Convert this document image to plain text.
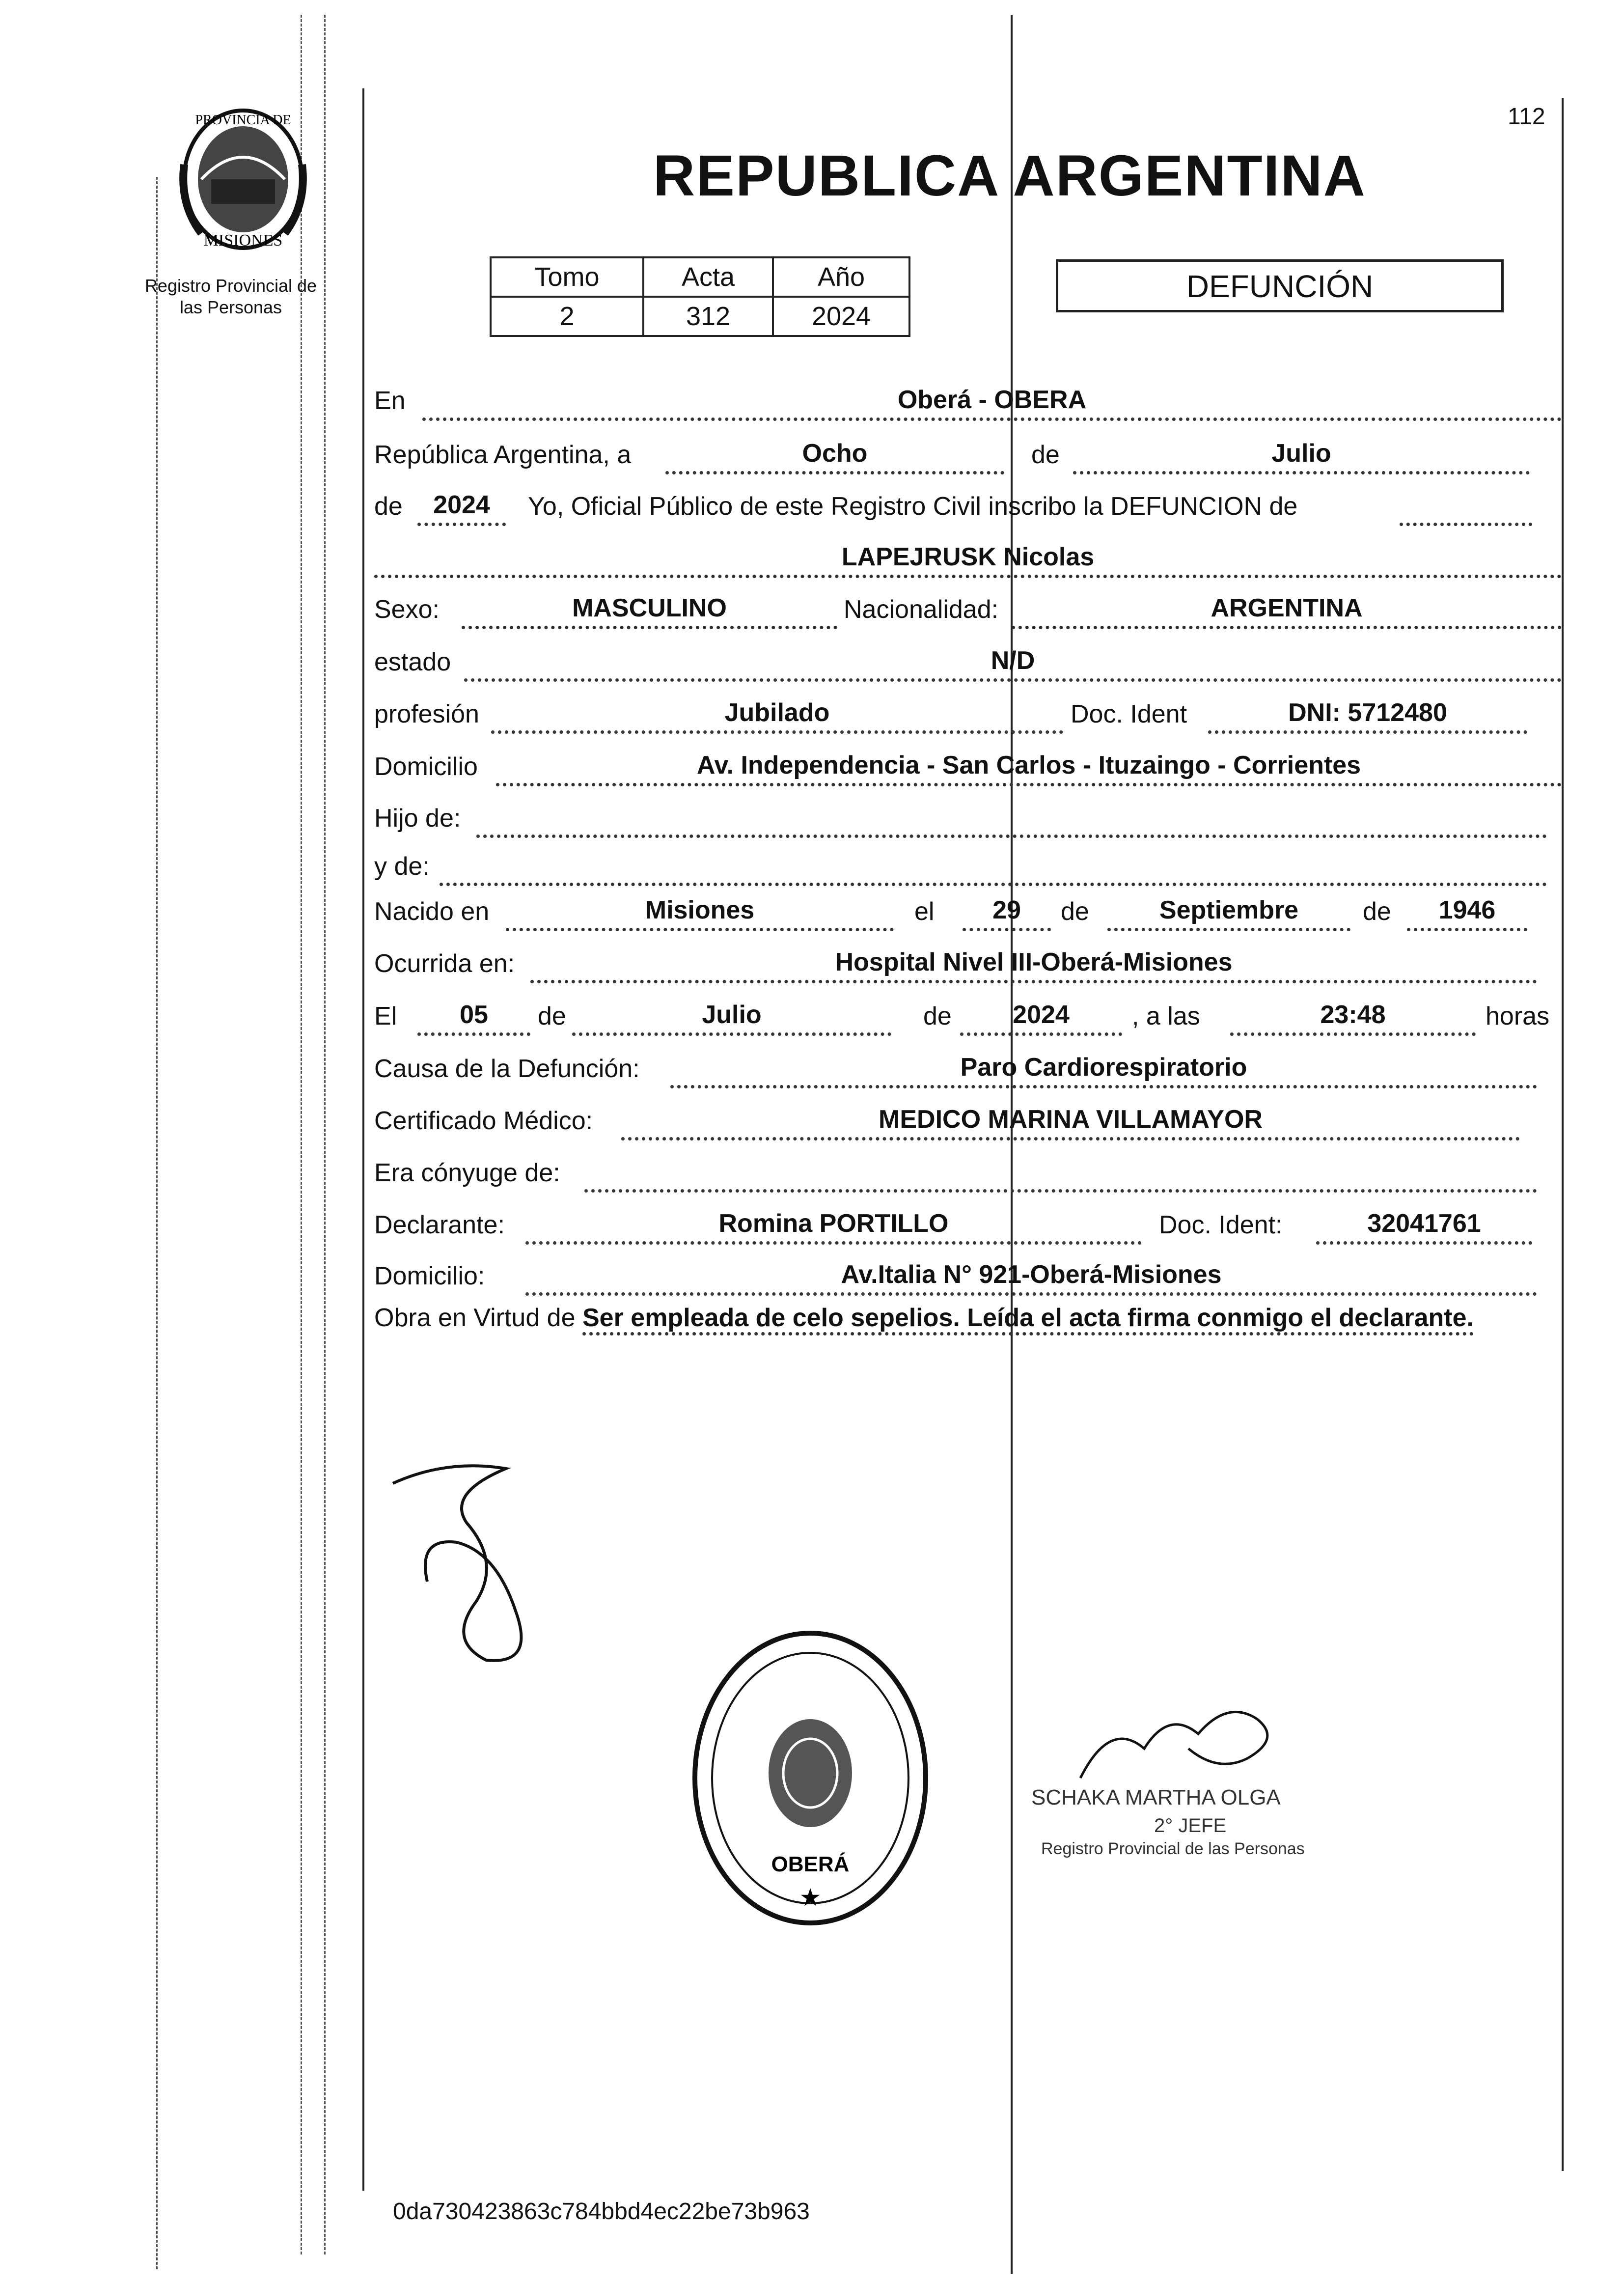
PROVINCIA DE
MISIONES
Registro Provincial de
las Personas
112
REPUBLICA ARGENTINA
Tomo	Acta	Año
2	312	2024
DEFUNCIÓN
En	Oberá - OBERA
República Argentina, a	Ocho	de	Julio
de	2024	Yo, Oficial Público de este Registro Civil inscribo la DEFUNCION de
LAPEJRUSK Nicolas
Sexo:	MASCULINO	Nacionalidad:	ARGENTINA
estado	N/D
profesión	Jubilado	Doc. Ident	DNI: 5712480
Domicilio	Av. Independencia - San Carlos - Ituzaingo - Corrientes
Hijo de:
y de:
Nacido en	Misiones	el	29	de	Septiembre	de	1946
Ocurrida en:	Hospital Nivel III-Oberá-Misiones
El	05	de	Julio	de	2024	, a las	23:48	horas
Causa de la Defunción:	Paro Cardiorespiratorio
Certificado Médico:	MEDICO MARINA VILLAMAYOR
Era cónyuge de:
Declarante:	Romina PORTILLO	Doc. Ident:	32041761
Domicilio:	Av.Italia N° 921-Oberá-Misiones
Obra en Virtud de Ser empleada de celo sepelios. Leída el acta firma conmigo el declarante.
OBERÁ
★
SCHAKA MARTHA OLGA
2° JEFE
Registro Provincial de las Personas
0da730423863c784bbd4ec22be73b963
